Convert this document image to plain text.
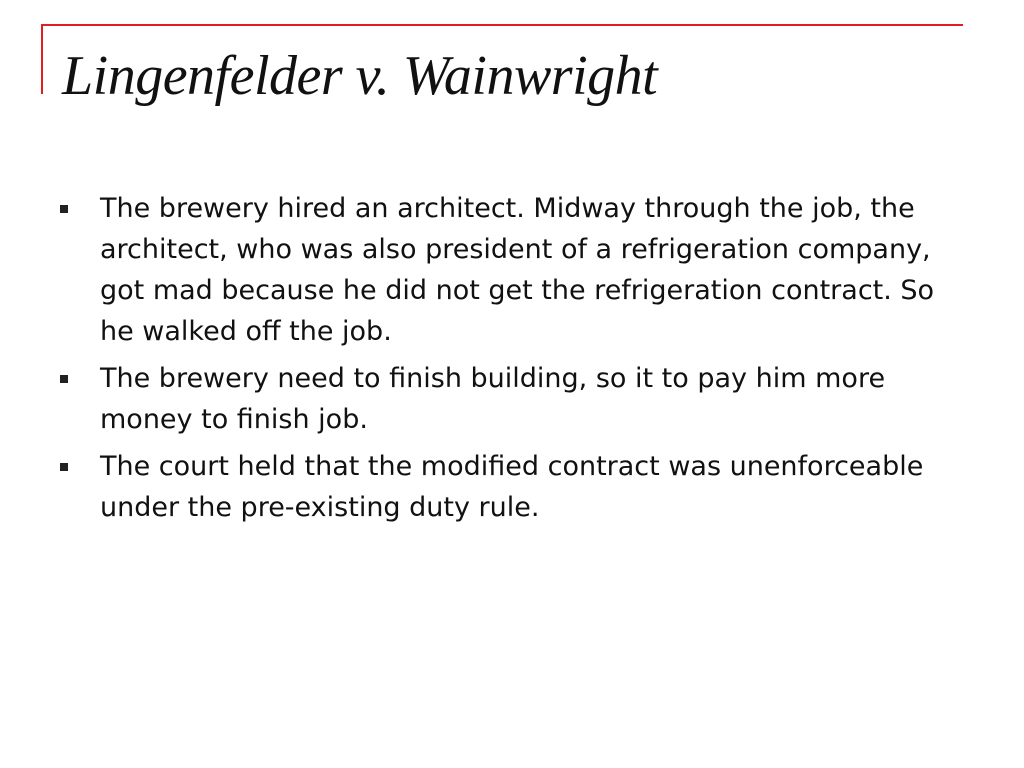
Lingenfelder v. Wainwright
The brewery hired an architect. Midway through the job, the architect, who was also president of a refrigeration company, got mad because he did not get the refrigeration contract. So he walked off the job.
The brewery need to finish building, so it to pay him more money to finish job.
The court held that the modified contract was unenforceable under the pre-existing duty rule.
